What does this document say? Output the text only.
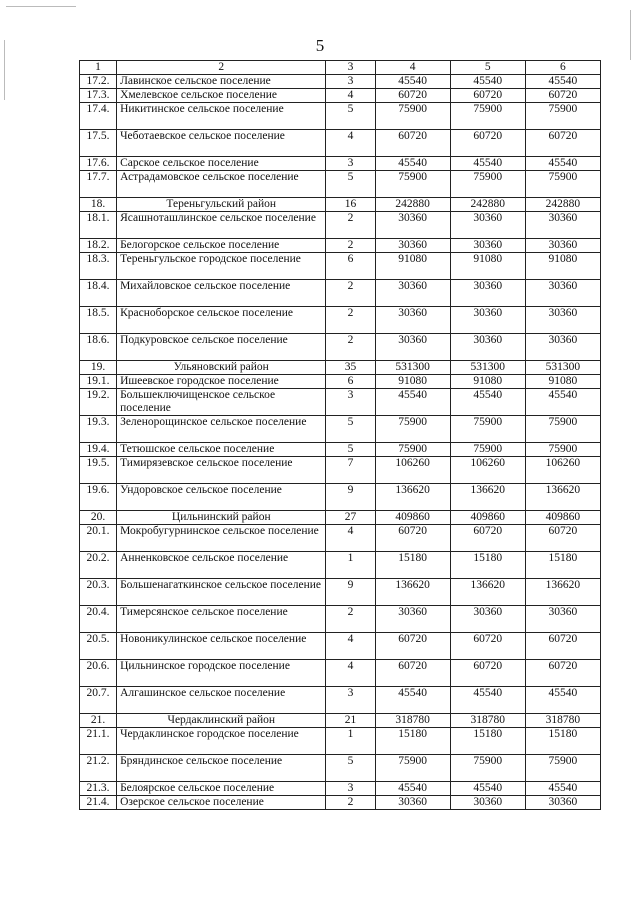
5
1	2	3	4	5	6
17.2.	Лавинское сельское поселение	3	45540	45540	45540
17.3.	Хмелевское сельское поселение	4	60720	60720	60720
17.4.	Никитинское сельское поселение	5	75900	75900	75900
17.5.	Чеботаевское сельское поселение	4	60720	60720	60720
17.6.	Сарское сельское поселение	3	45540	45540	45540
17.7.	Астрадамовское сельское поселение	5	75900	75900	75900
18.	Тереньгульский район	16	242880	242880	242880
18.1.	Ясашноташлинское сельское поселение	2	30360	30360	30360
18.2.	Белогорское сельское поселение	2	30360	30360	30360
18.3.	Тереньгульское городское поселение	6	91080	91080	91080
18.4.	Михайловское сельское поселение	2	30360	30360	30360
18.5.	Красноборское сельское поселение	2	30360	30360	30360
18.6.	Подкуровское сельское поселение	2	30360	30360	30360
19.	Ульяновский район	35	531300	531300	531300
19.1.	Ишеевское городское поселение	6	91080	91080	91080
19.2.	Большеключищенское сельское поселение	3	45540	45540	45540
19.3.	Зеленорощинское сельское поселение	5	75900	75900	75900
19.4.	Тетюшское сельское поселение	5	75900	75900	75900
19.5.	Тимирязевское сельское поселение	7	106260	106260	106260
19.6.	Ундоровское сельское поселение	9	136620	136620	136620
20.	Цильнинский район	27	409860	409860	409860
20.1.	Мокробугурнинское сельское поселение	4	60720	60720	60720
20.2.	Анненковское сельское поселение	1	15180	15180	15180
20.3.	Большенагаткинское сельское поселение	9	136620	136620	136620
20.4.	Тимерсянское сельское поселение	2	30360	30360	30360
20.5.	Новоникулинское сельское поселение	4	60720	60720	60720
20.6.	Цильнинское городское поселение	4	60720	60720	60720
20.7.	Алгашинское сельское поселение	3	45540	45540	45540
21.	Чердаклинский район	21	318780	318780	318780
21.1.	Чердаклинское городское поселение	1	15180	15180	15180
21.2.	Бряндинское сельское поселение	5	75900	75900	75900
21.3.	Белоярское сельское поселение	3	45540	45540	45540
21.4.	Озерское сельское поселение	2	30360	30360	30360
